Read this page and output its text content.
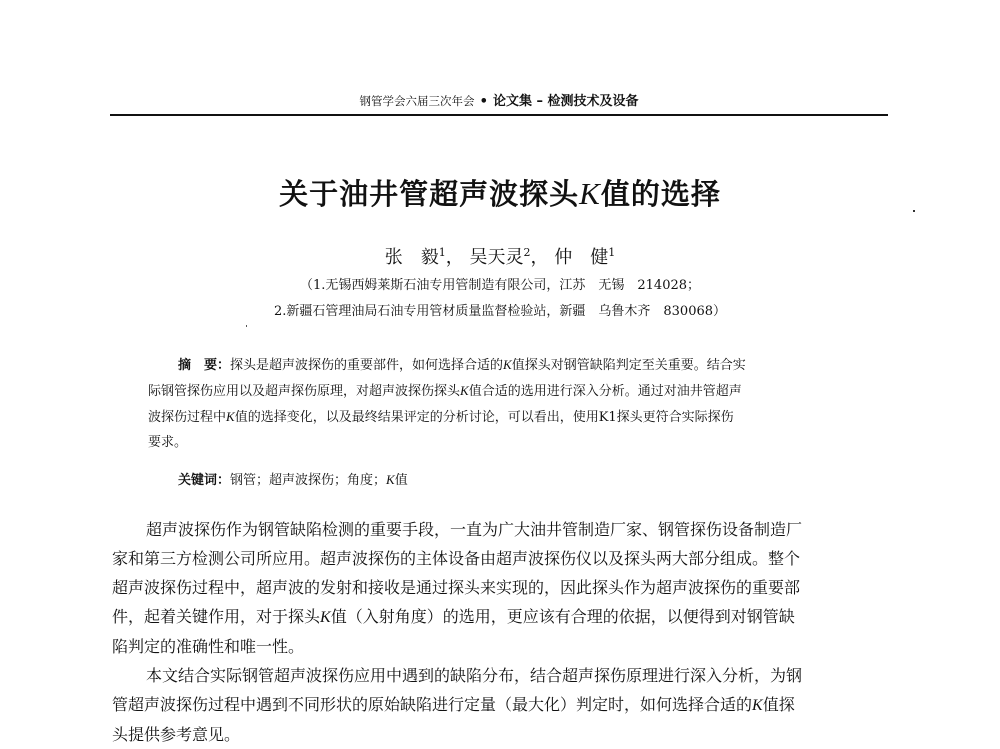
钢管学会六届三次年会 • 论文集 – 检测技术及设备
关于油井管超声波探头K值的选择
张　毅$^1$， 吴天灵$^2$， 仲　健$^1$
（1.无锡西姆莱斯石油专用管制造有限公司，江苏　无锡　214028；
2.新疆石管理油局石油专用管材质量监督检验站，新疆　乌鲁木齐　830068）

摘　要：探头是超声波探伤的重要部件，如何选择合适的K值探头对钢管缺陷判定至关重要。结合实

际钢管探伤应用以及超声探伤原理，对超声波探伤探头K值合适的选用进行深入分析。通过对油井管超声

波探伤过程中K值的选择变化，以及最终结果评定的分析讨论，可以看出，使用K1探头更符合实际探伤

要求。

关键词：钢管；超声波探伤；角度；K值

超声波探伤作为钢管缺陷检测的重要手段，一直为广大油井管制造厂家、钢管探伤设备制造厂

家和第三方检测公司所应用。超声波探伤的主体设备由超声波探伤仪以及探头两大部分组成。整个

超声波探伤过程中，超声波的发射和接收是通过探头来实现的，因此探头作为超声波探伤的重要部

件，起着关键作用，对于探头K值（入射角度）的选用，更应该有合理的依据，以便得到对钢管缺

陷判定的准确性和唯一性。

本文结合实际钢管超声波探伤应用中遇到的缺陷分布，结合超声探伤原理进行深入分析，为钢

管超声波探伤过程中遇到不同形状的原始缺陷进行定量（最大化）判定时，如何选择合适的K值探

头提供参考意见。
